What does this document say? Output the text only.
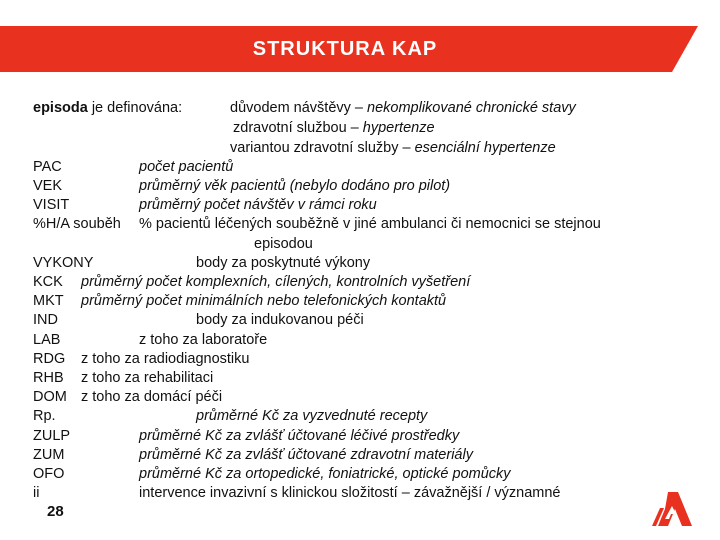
STRUKTURA KAP
episoda je definována:	důvodem návštěvy – nekomplikované chronické stavy
zdravotní službou – hypertenze
variantou zdravotní služby – esenciální hypertenze
PAC	počet pacientů
VEK	průměrný věk pacientů (nebylo dodáno pro pilot)
VISIT	průměrný počet návštěv v rámci roku
%H/A souběh % pacientů léčených souběžně v jiné ambulanci či nemocnici se stejnou
episodou
VYKONY	body za poskytnuté výkony
KCK průměrný počet komplexních, cílených, kontrolních vyšetření
MKT průměrný počet minimálních nebo telefonických kontaktů
IND	body za indukovanou péči
LAB	z toho za laboratoře
RDG z toho za radiodiagnostiku
RHB z toho za rehabilitaci
DOM z toho za domácí péči
Rp.	průměrné Kč za vyzvednuté recepty
ZULP	průměrné Kč za zvlášť účtované léčivé prostředky
ZUM	průměrné Kč za zvlášť účtované zdravotní materiály
OFO	průměrné Kč za ortopedické, foniatrické, optické pomůcky
ii	intervence invazivní s klinickou složitostí – závažnější / významné
28
